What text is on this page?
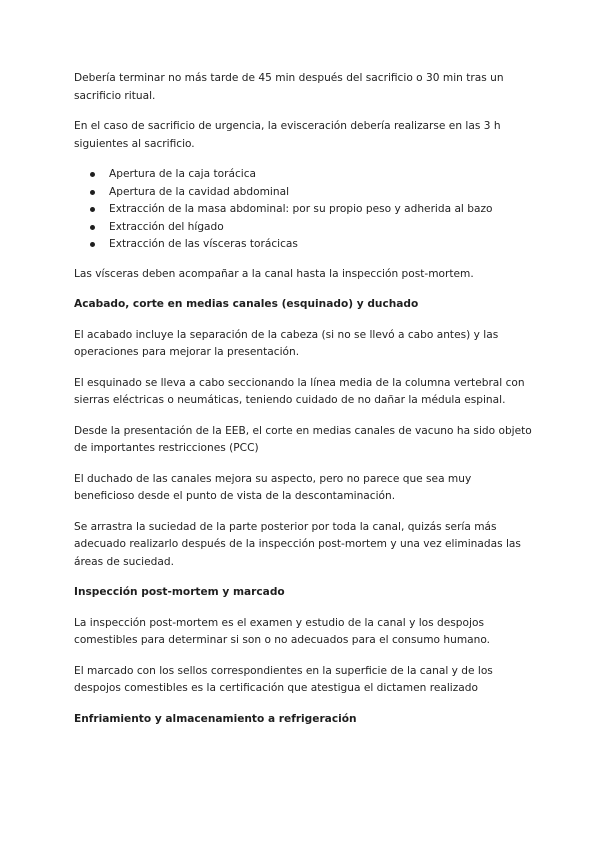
Debería terminar no más tarde de 45 min después del sacrificio o 30 min tras un sacrificio ritual.

En el caso de sacrificio de urgencia, la evisceración debería realizarse en las 3 h siguientes al sacrificio.

Apertura de la caja torácica
Apertura de la cavidad abdominal
Extracción de la masa abdominal: por su propio peso y adherida al bazo
Extracción del hígado
Extracción de las vísceras torácicas

Las vísceras deben acompañar a la canal hasta la inspección post-mortem.

Acabado, corte en medias canales (esquinado) y duchado

El acabado incluye la separación de la cabeza (si no se llevó a cabo antes) y las operaciones para mejorar la presentación.

El esquinado se lleva a cabo seccionando la línea media de la columna vertebral con sierras eléctricas o neumáticas, teniendo cuidado de no dañar la médula espinal.

Desde la presentación de la EEB, el corte en medias canales de vacuno ha sido objeto de importantes restricciones (PCC)

El duchado de las canales mejora su aspecto, pero no parece que sea muy beneficioso desde el punto de vista de la descontaminación.

Se arrastra la suciedad de la parte posterior por toda la canal, quizás sería más adecuado realizarlo después de la inspección post-mortem y una vez eliminadas las áreas de suciedad.

Inspección post-mortem y marcado

La inspección post-mortem es el examen y estudio de la canal y los despojos comestibles para determinar si son o no adecuados para el consumo humano.

El marcado con los sellos correspondientes en la superficie de la canal y de los despojos comestibles es la certificación que atestigua el dictamen realizado

Enfriamiento y almacenamiento a refrigeración
